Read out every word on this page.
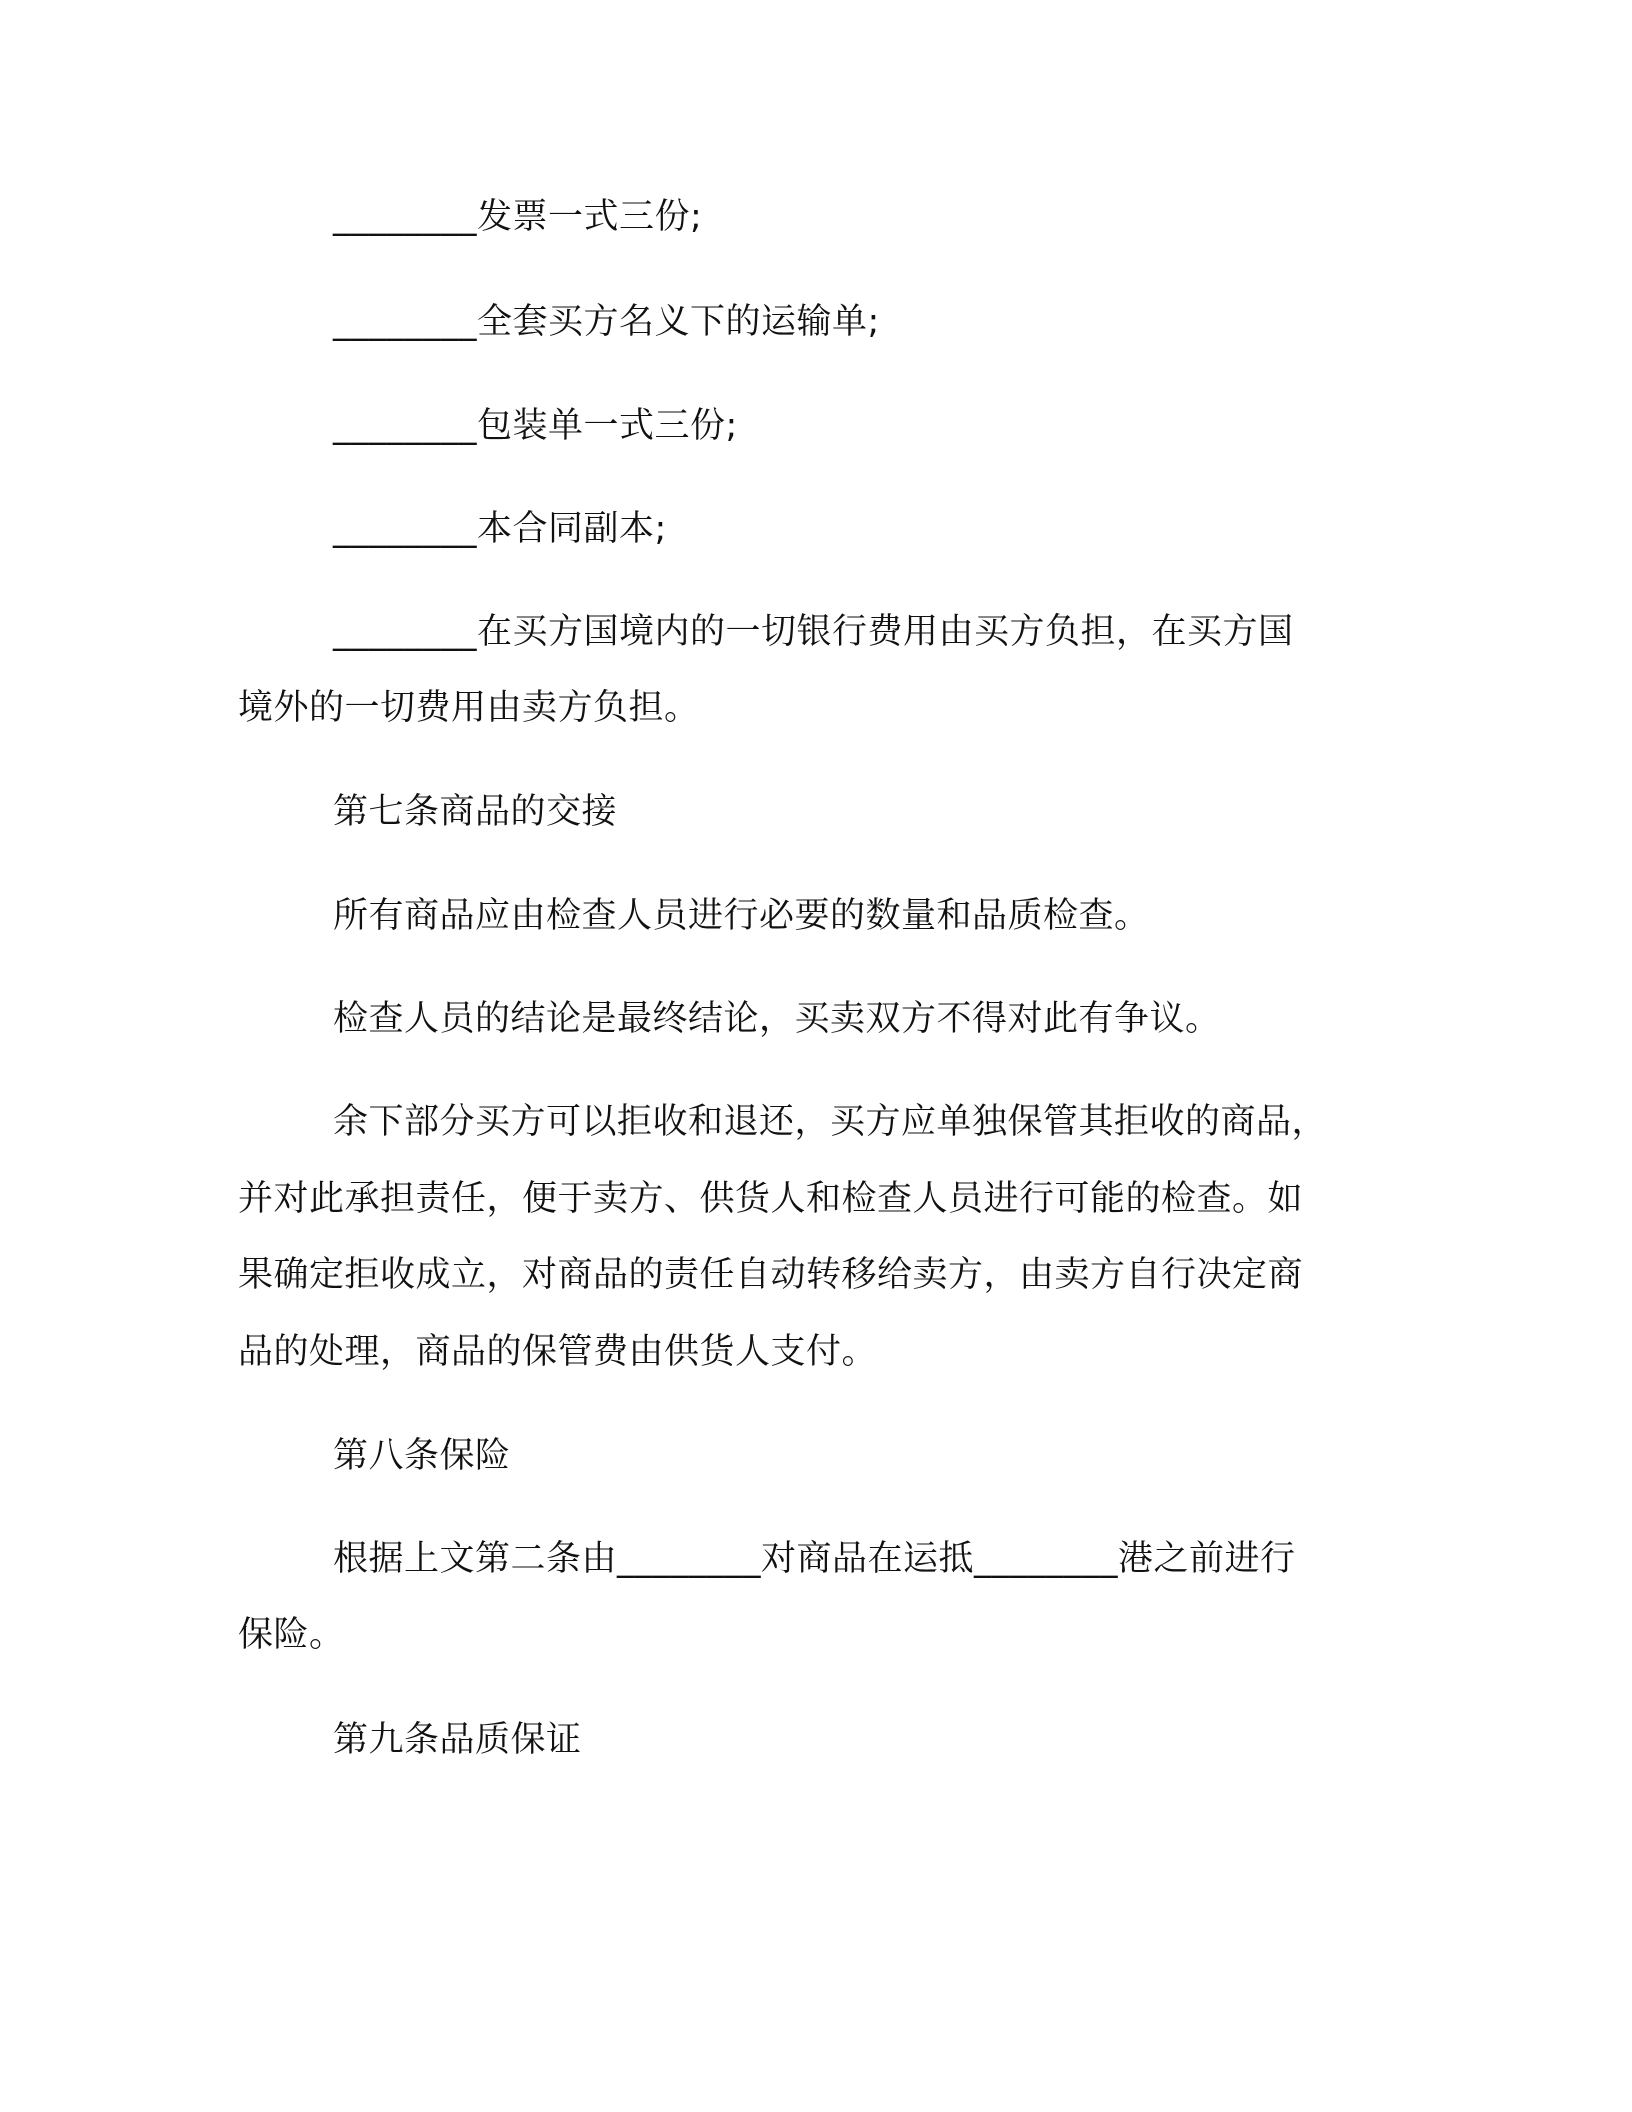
________发票一式三份;
________全套买方名义下的运输单;
________包装单一式三份;
________本合同副本;
________在买方国境内的一切银行费用由买方负担，在买方国
境外的一切费用由卖方负担。
第七条商品的交接
所有商品应由检查人员进行必要的数量和品质检查。
检查人员的结论是最终结论，买卖双方不得对此有争议。
余下部分买方可以拒收和退还，买方应单独保管其拒收的商品，
并对此承担责任，便于卖方、供货人和检查人员进行可能的检查。如
果确定拒收成立，对商品的责任自动转移给卖方，由卖方自行决定商
品的处理，商品的保管费由供货人支付。
第八条保险
根据上文第二条由________对商品在运抵________港之前进行
保险。
第九条品质保证
